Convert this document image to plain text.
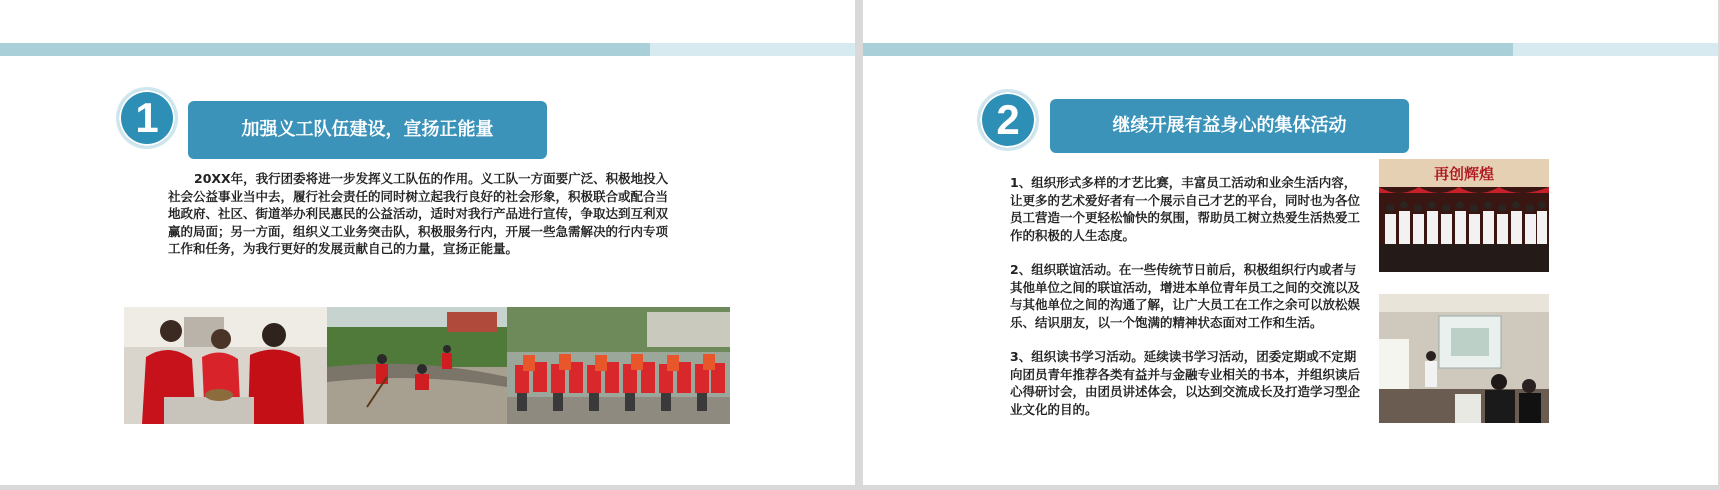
1	加强义工队伍建设，宣扬正能量
20XX年，我行团委将进一步发挥义工队伍的作用。义工队一方面要广泛、积极地投入社会公益事业当中去，履行社会责任的同时树立起我行良好的社会形象，积极联合或配合当地政府、社区、街道举办利民惠民的公益活动，适时对我行产品进行宣传，争取达到互利双赢的局面；另一方面，组织义工业务突击队，积极服务行内，开展一些急需解决的行内专项工作和任务，为我行更好的发展贡献自己的力量，宣扬正能量。
2	继续开展有益身心的集体活动

1、组织形式多样的才艺比赛，丰富员工活动和业余生活内容，让更多的艺术爱好者有一个展示自己才艺的平台，同时也为各位员工营造一个更轻松愉快的氛围，帮助员工树立热爱生活热爱工作的积极的人生态度。

2、组织联谊活动。在一些传统节日前后，积极组织行内或者与其他单位之间的联谊活动，增进本单位青年员工之间的交流以及与其他单位之间的沟通了解，让广大员工在工作之余可以放松娱乐、结识朋友，以一个饱满的精神状态面对工作和生活。

3、组织读书学习活动。延续读书学习活动，团委定期或不定期向团员青年推荐各类有益并与金融专业相关的书本，并组织读后心得研讨会，由团员讲述体会，以达到交流成长及打造学习型企业文化的目的。

再创辉煌
